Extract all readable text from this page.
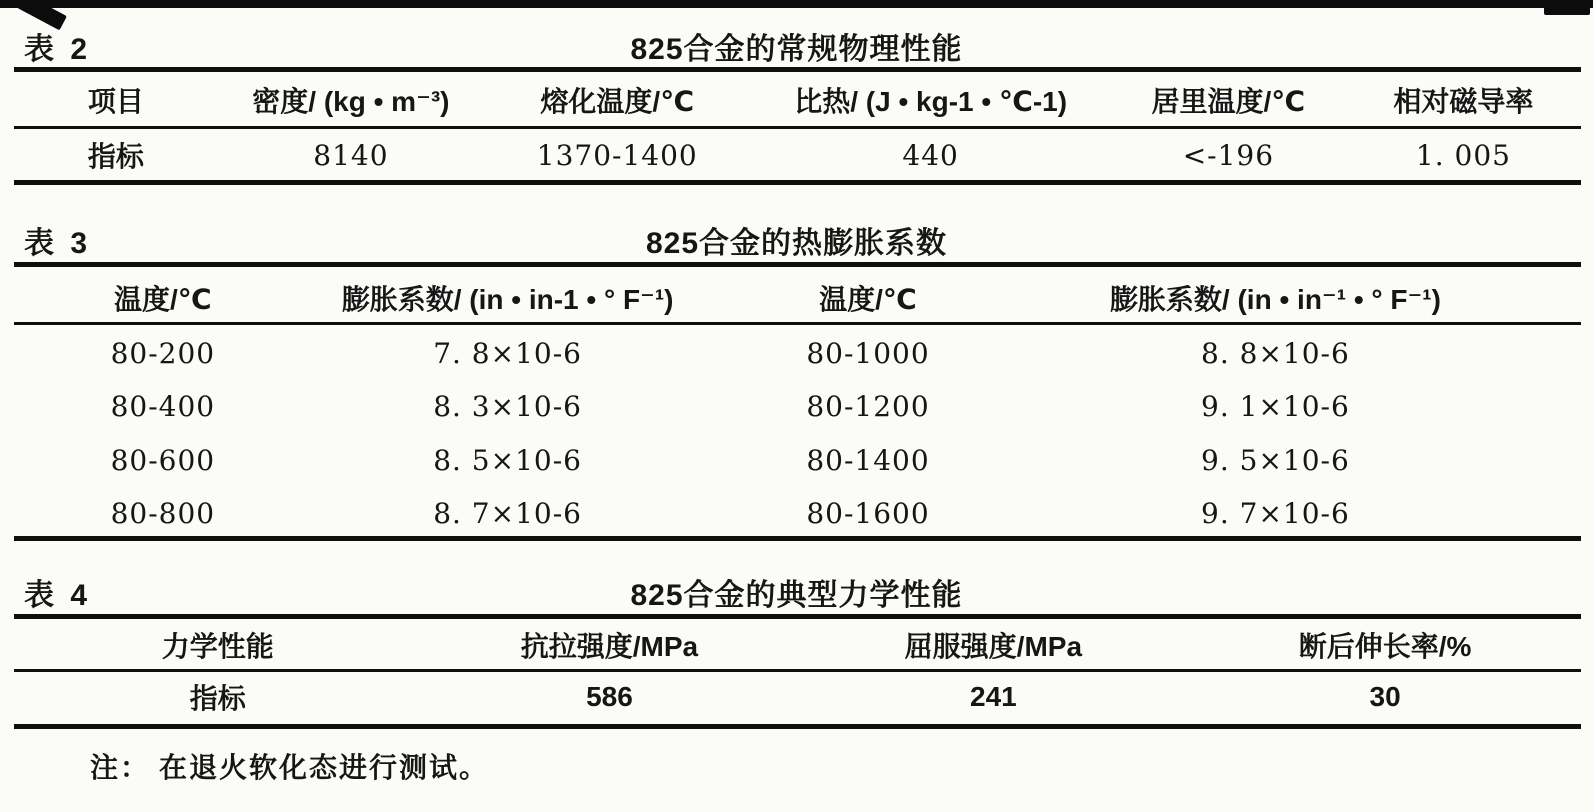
表 2	825合金的常规物理性能
项目	密度/ (kg • m⁻³)	熔化温度/℃	比热/ (J • kg-1 • ℃-1)	居里温度/℃	相对磁导率
指标	8140	1370-1400	440	<-196	1. 005
表 3	825合金的热膨胀系数
温度/℃	膨胀系数/ (in • in-1 • ° F⁻¹)	温度/℃	膨胀系数/ (in • in⁻¹ • ° F⁻¹)
80-200	7. 8×10-6	80-1000	8. 8×10-6
80-400	8. 3×10-6	80-1200	9. 1×10-6
80-600	8. 5×10-6	80-1400	9. 5×10-6
80-800	8. 7×10-6	80-1600	9. 7×10-6
表 4	825合金的典型力学性能
力学性能	抗拉强度/MPa	屈服强度/MPa	断后伸长率/%
指标	586	241	30
注： 在退火软化态进行测试。
